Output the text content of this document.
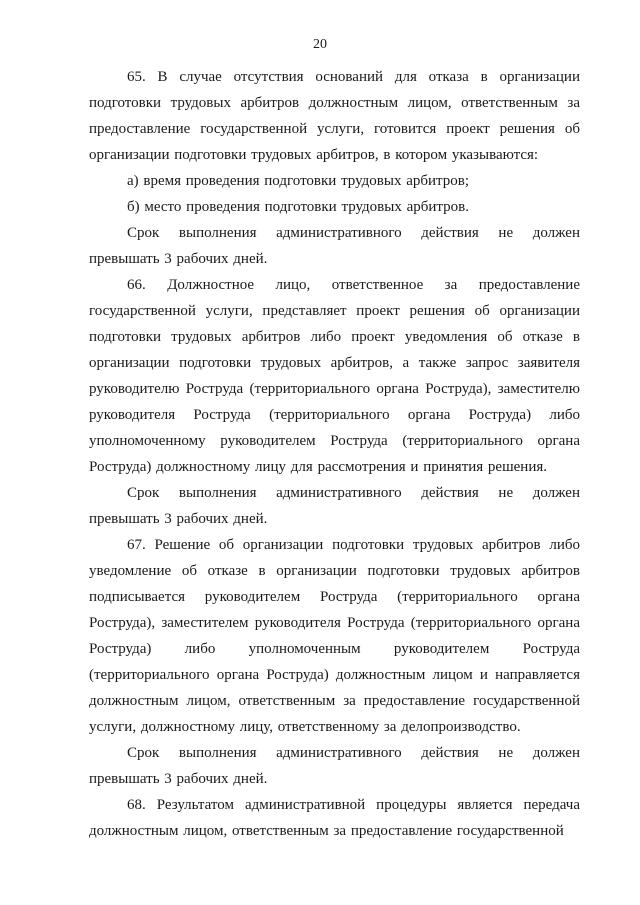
20

65. В случае отсутствия оснований для отказа в организации подготовки трудовых арбитров должностным лицом, ответственным за предоставление государственной услуги, готовится проект решения об организации подготовки трудовых арбитров, в котором указываются:

а) время проведения подготовки трудовых арбитров;

б) место проведения подготовки трудовых арбитров.

Срок выполнения административного действия не должен превышать 3 рабочих дней.

66. Должностное лицо, ответственное за предоставление государственной услуги, представляет проект решения об организации подготовки трудовых арбитров либо проект уведомления об отказе в организации подготовки трудовых арбитров, а также запрос заявителя руководителю Роструда (территориального органа Роструда), заместителю руководителя Роструда (территориального органа Роструда) либо уполномоченному руководителем Роструда (территориального органа Роструда) должностному лицу для рассмотрения и принятия решения.

Срок выполнения административного действия не должен превышать 3 рабочих дней.

67. Решение об организации подготовки трудовых арбитров либо уведомление об отказе в организации подготовки трудовых арбитров подписывается руководителем Роструда (территориального органа Роструда), заместителем руководителя Роструда (территориального органа Роструда) либо уполномоченным руководителем Роструда (территориального органа Роструда) должностным лицом и направляется должностным лицом, ответственным за предоставление государственной услуги, должностному лицу, ответственному за делопроизводство.

Срок выполнения административного действия не должен превышать 3 рабочих дней.

68. Результатом административной процедуры является передача должностным лицом, ответственным за предоставление государственной
